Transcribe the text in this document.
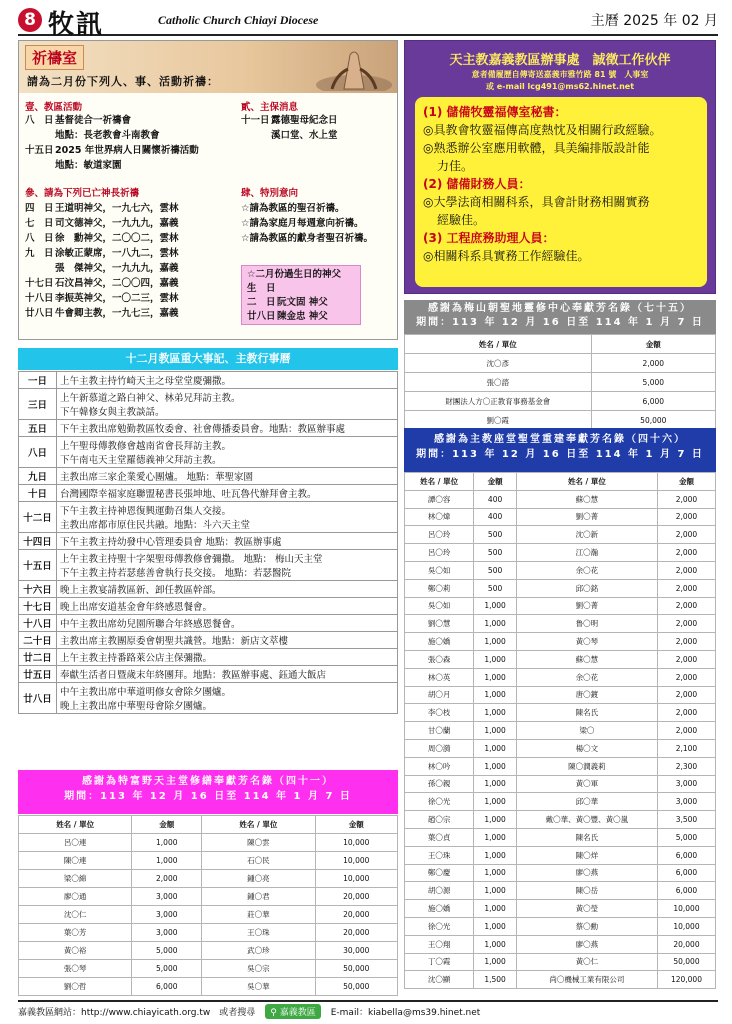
8 牧訊	Catholic Church Chiayi Diocese	主曆 2025 年 02 月
祈禱室
請為二月份下列人、事、活動祈禱：
壹、教區活動
八　日基督徒合一祈禱會
地點：長老教會斗南教會
十五日2025 年世界病人日關懷祈禱活動
地點：敏道家園
貳、主保消息
十一日露德聖母紀念日
溪口堂、水上堂
參、請為下列已亡神長祈禱
四　日王道明神父，一九七六，雲林
七　日司文德神父，一九九九，嘉義
八　日徐　勳神父，二〇〇二，雲林
九　日涂敏正蒙席，一八九二，雲林
張　傑神父，一九九九，嘉義
十七日石汶昌神父，二〇〇四，嘉義
十八日李振英神父，一〇二三，雲林
廿八日牛會卿主教，一九七三，嘉義
肆、特別意向
☆請為教區的聖召祈禱。
☆請為家庭月每週意向祈禱。
☆請為教區的獻身者聖召祈禱。
☆二月份過生日的神父
生　日
二　日阮文固 神父
廿八日陳金忠 神父
十二月教區重大事記、主教行事曆
一日	上午主教主持竹崎天主之母堂堂慶彌撒。

三日	上午新慕道之路白神父、林弟兄拜訪主教。
下午韓修女與主教談話。

五日	下午主教出席勉勤教區牧委會、社會傳播委員會。地點：教區辦事處

八日	上午聖母傳教修會越南省會長拜訪主教。
下午南屯天主堂羅德義神父拜訪主教。

九日	主教出席三家企業愛心團爐。 地點：華聖家園

十日	台灣國際幸福家庭聯盟秘書長張坤地、吐瓦魯代辦拜會主教。

十二日	下午主教主持神恩復興運動召集人交接。
主教出席都市原住民共融。地點：斗六天主堂

十四日	下午主教主持幼發中心管理委員會 地點：教區辦事處

十五日	上午主教主持聖十字架聖母傳教修會彌撒。 地點： 梅山天主堂
下午主教主持若瑟慈善會執行長交接。 地點：若瑟醫院

十六日	晚上主教宴請教區新、卸任教區幹部。

十七日	晚上出席安道基金會年終感恩餐會。

十八日	中午主教出席幼兒園所聯合年終感恩餐會。

二十日	主教出席主教團原委會朝聖共識營。地點：新店文萃樓

廿二日	上午主教主持番路萊公店主保彌撒。

廿五日	奉獻生活者日暨歲末年終團拜。地點：教區辦事處、鈺通大飯店

廿八日	中午主教出席中華道明修女會除夕團爐。
晚上主教出席中華聖母會除夕團爐。
感謝為特富野天主堂修繕奉獻芳名錄（四十一）
期間：113 年 12 月 16 日至 114 年 1 月 7 日
姓名 / 單位	金額	姓名 / 單位	金額
呂〇連	1,000	陳〇雲	10,000
陳〇連	1,000	石〇民	10,000
梁〇綿	2,000	鍾〇亮	10,000
廖〇通	3,000	鍾〇君	20,000
沈〇仁	3,000	莊〇華	20,000
葉〇芳	3,000	王〇珠	20,000
黃〇裕	5,000	武〇珍	30,000
張〇琴	5,000	吳〇宗	50,000
劉〇哲	6,000	吳〇華	50,000
天主教嘉義教區辦事處　誠徵工作伙伴
意者備履歷自傳寄送嘉義市雅竹路 81 號　人事室
或 e-mail lcg491@ms62.hinet.net
(1) 儲備牧靈福傳室秘書：
◎具教會牧靈福傳高度熱忱及相關行政經驗。
◎熟悉辦公室應用軟體，具美編排版設計能
力佳。
(2) 儲備財務人員：
◎大學法商相關科系，具會計財務相關實務
經驗佳。
(3) 工程庶務助理人員：
◎相關科系具實務工作經驗佳。
感謝為梅山朝聖地靈修中心奉獻芳名錄（七十五）
期間：113 年 12 月 16 日至 114 年 1 月 7 日
姓名 / 單位	金額
沈〇彥	2,000
張〇諮	5,000
財團法人方〇正教育事務基金會	6,000
劉〇霞	50,000
感謝為主教座堂聖堂重建奉獻芳名錄（四十六）
期間：113 年 12 月 16 日至 114 年 1 月 7 日
姓名 / 單位	金額	姓名 / 單位	金額
譚〇容	400	蘇〇慧	2,000
林〇煒	400	劉〇菁	2,000
呂〇玲	500	沈〇新	2,000
呂〇玲	500	江〇瀚	2,000
吳〇如	500	余〇花	2,000
鄭〇莉	500	邱〇銘	2,000
吳〇如	1,000	劉〇菁	2,000
劉〇慧	1,000	鲁〇明	2,000
施〇嬌	1,000	黃〇琴	2,000
張〇森	1,000	蘇〇慧	2,000
林〇英	1,000	余〇花	2,000
胡〇月	1,000	唐〇鍍	2,000
李〇枝	1,000	陳名氏	2,000
甘〇蘭	1,000	梁〇	2,000
周〇漪	1,000	楊〇文	2,100
林〇吟	1,000	陳〇潤義莉	2,300
孫〇親	1,000	黃〇軍	3,000
徐〇光	1,000	邱〇華	3,000
趙〇宗	1,000	戴〇華、黃〇豐、黃〇嵐	3,500
葉〇貞	1,000	陳名氏	5,000
王〇珠	1,000	陳〇烊	6,000
鄭〇慶	1,000	廖〇燕	6,000
胡〇源	1,000	陳〇岳	6,000
施〇嬌	1,000	黃〇瑩	10,000
徐〇光	1,000	蔡〇勳	10,000
王〇翔	1,000	廖〇燕	20,000
丁〇霞	1,000	黃〇仁	50,000
沈〇顯	1,500	尚〇機械工業有限公司	120,000
嘉義教區網站：http://www.chiayicath.org.tw　或者搜尋	⚲ 嘉義教區	E-mail：kiabella@ms39.hinet.net
